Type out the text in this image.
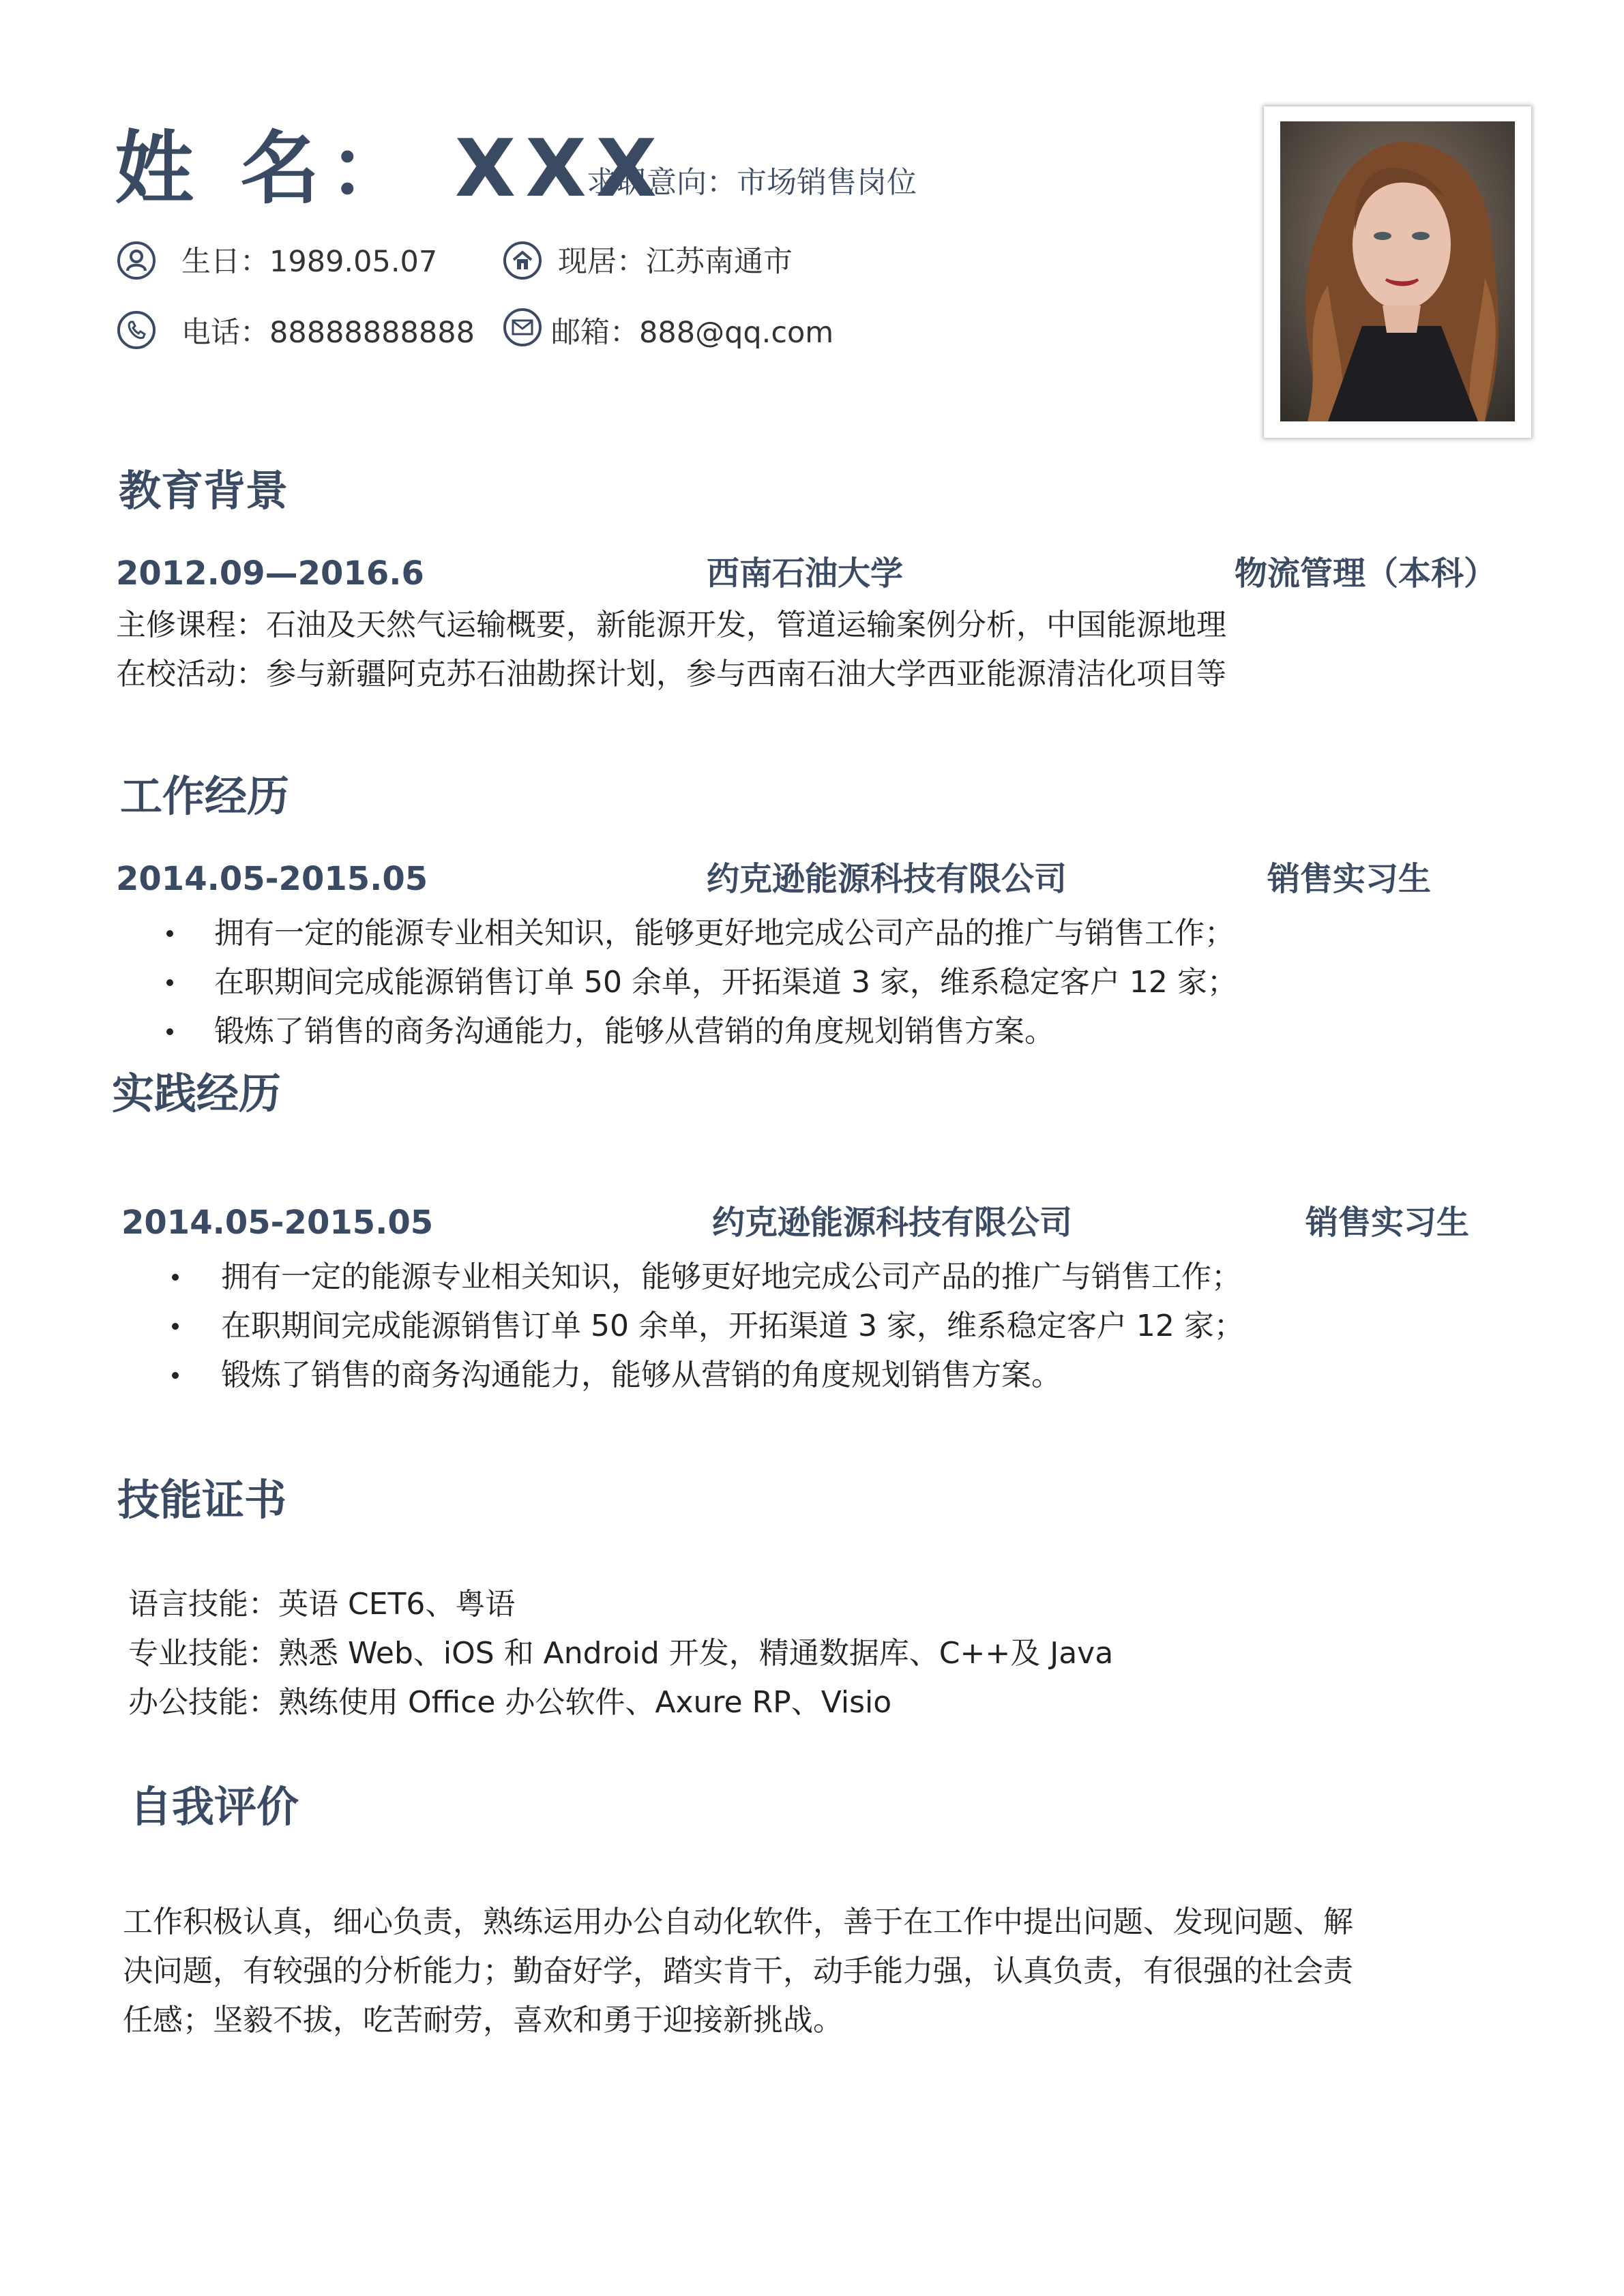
姓 名： XXX
求职意向：市场销售岗位
生日：1989.05.07	现居：江苏南通市
电话：88888888888	邮箱：888@qq.com
教育背景
2012.09—2016.6	西南石油大学	物流管理（本科）
主修课程：石油及天然气运输概要，新能源开发，管道运输案例分析，中国能源地理
在校活动：参与新疆阿克苏石油勘探计划，参与西南石油大学西亚能源清洁化项目等
工作经历
2014.05-2015.05	约克逊能源科技有限公司	销售实习生
拥有一定的能源专业相关知识，能够更好地完成公司产品的推广与销售工作；
在职期间完成能源销售订单 50 余单，开拓渠道 3 家，维系稳定客户 12 家；
锻炼了销售的商务沟通能力，能够从营销的角度规划销售方案。
实践经历
2014.05-2015.05	约克逊能源科技有限公司	销售实习生
拥有一定的能源专业相关知识，能够更好地完成公司产品的推广与销售工作；
在职期间完成能源销售订单 50 余单，开拓渠道 3 家，维系稳定客户 12 家；
锻炼了销售的商务沟通能力，能够从营销的角度规划销售方案。
技能证书
语言技能：英语 CET6、粤语
专业技能：熟悉 Web、iOS 和 Android 开发，精通数据库、C++及 Java
办公技能：熟练使用 Office 办公软件、Axure RP、Visio
自我评价
工作积极认真，细心负责，熟练运用办公自动化软件，善于在工作中提出问题、发现问题、解
决问题，有较强的分析能力；勤奋好学，踏实肯干，动手能力强，认真负责，有很强的社会责
任感；坚毅不拔，吃苦耐劳，喜欢和勇于迎接新挑战。
